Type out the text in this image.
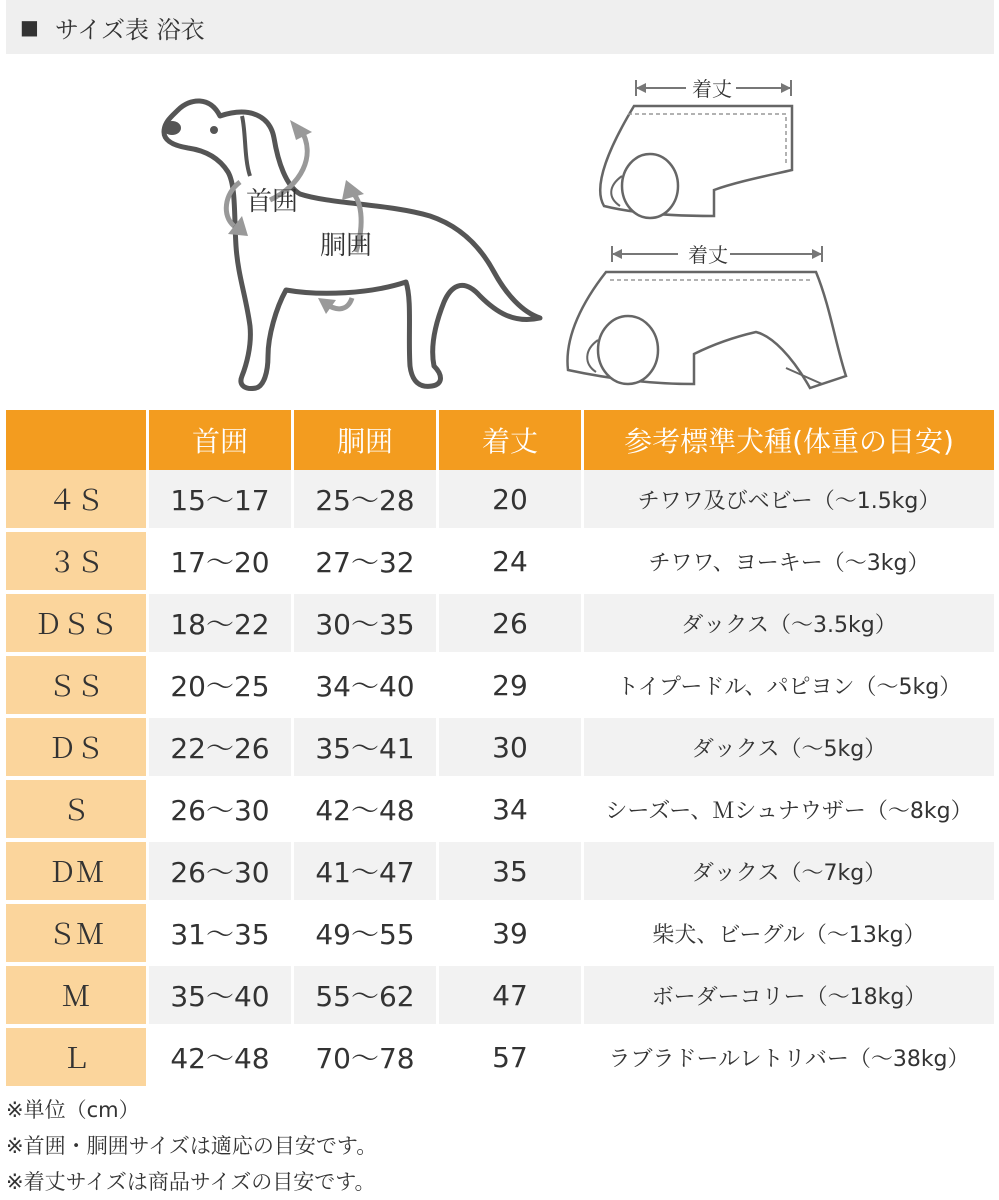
■ サイズ表 浴衣
首囲
胴囲
着丈
着丈
	首囲	胴囲	着丈	参考標準犬種(体重の目安)
４Ｓ	15～17	25～28	20	チワワ及びベビー（～1.5kg）
３Ｓ	17～20	27～32	24	チワワ、ヨーキー（～3kg）
ＤＳＳ	18～22	30～35	26	ダックス（～3.5kg）
ＳＳ	20～25	34～40	29	トイプードル、パピヨン（～5kg）
ＤＳ	22～26	35～41	30	ダックス（～5kg）
Ｓ	26～30	42～48	34	シーズー、Ｍシュナウザー（～8kg）
ＤＭ	26～30	41～47	35	ダックス（～7kg）
ＳＭ	31～35	49～55	39	柴犬、ビーグル（～13kg）
Ｍ	35～40	55～62	47	ボーダーコリー（～18kg）
Ｌ	42～48	70～78	57	ラブラドールレトリバー（～38kg）
※単位（cm）
※首囲・胴囲サイズは適応の目安です。
※着丈サイズは商品サイズの目安です。
